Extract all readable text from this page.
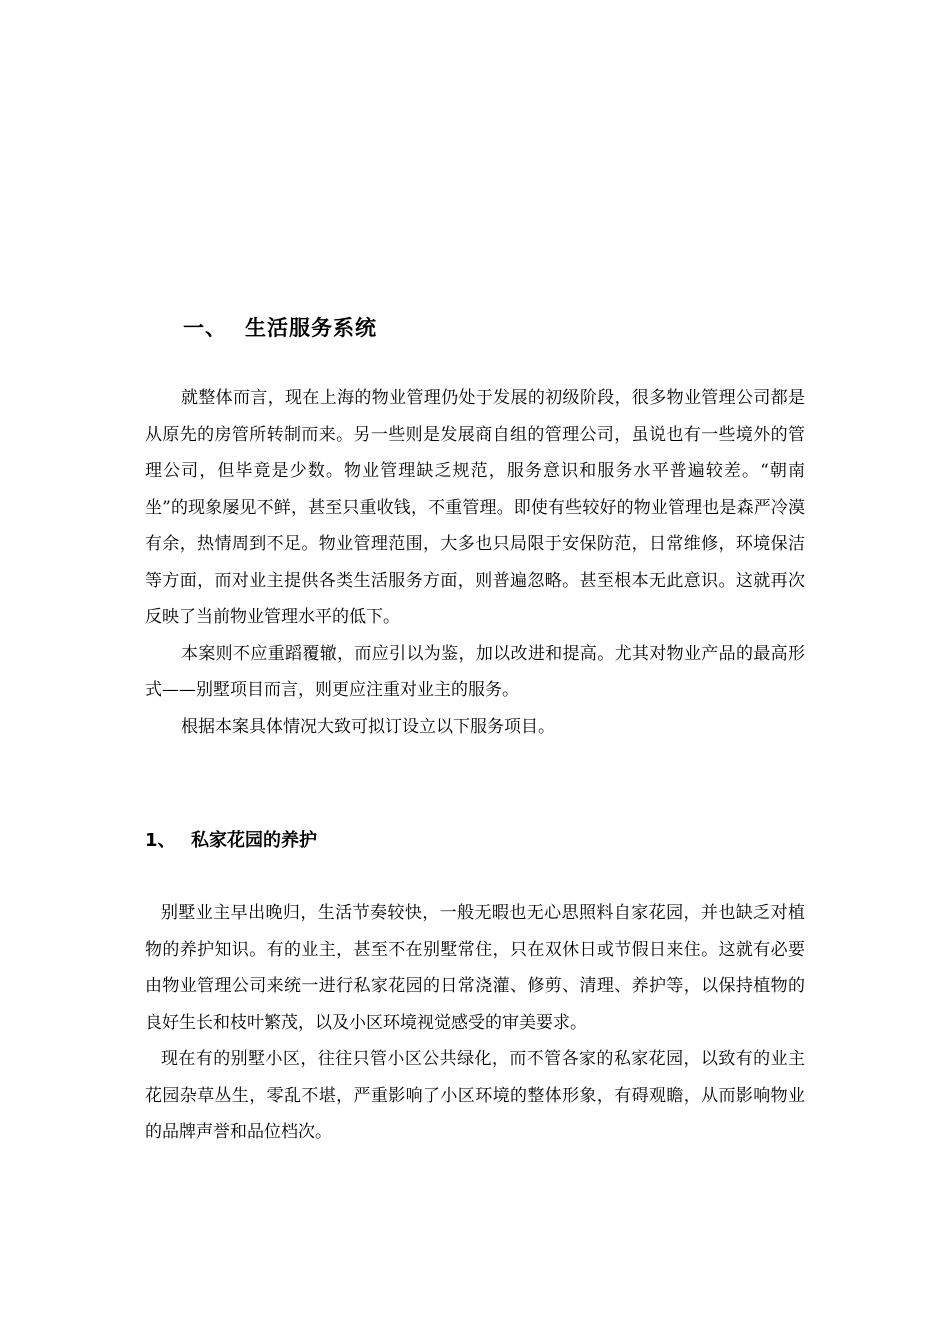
一、 生活服务系统

就整体而言，现在上海的物业管理仍处于发展的初级阶段，很多物业管理公司都是从原先的房管所转制而来。另一些则是发展商自组的管理公司，虽说也有一些境外的管理公司，但毕竟是少数。物业管理缺乏规范，服务意识和服务水平普遍较差。“朝南坐”的现象屡见不鲜，甚至只重收钱，不重管理。即使有些较好的物业管理也是森严冷漠有余，热情周到不足。物业管理范围，大多也只局限于安保防范，日常维修，环境保洁等方面，而对业主提供各类生活服务方面，则普遍忽略。甚至根本无此意识。这就再次反映了当前物业管理水平的低下。

本案则不应重蹈覆辙，而应引以为鉴，加以改进和提高。尤其对物业产品的最高形式——别墅项目而言，则更应注重对业主的服务。

根据本案具体情况大致可拟订设立以下服务项目。

1、 私家花园的养护

别墅业主早出晚归，生活节奏较快，一般无暇也无心思照料自家花园，并也缺乏对植物的养护知识。有的业主，甚至不在别墅常住，只在双休日或节假日来住。这就有必要由物业管理公司来统一进行私家花园的日常浇灌、修剪、清理、养护等，以保持植物的良好生长和枝叶繁茂，以及小区环境视觉感受的审美要求。

现在有的别墅小区，往往只管小区公共绿化，而不管各家的私家花园，以致有的业主花园杂草丛生，零乱不堪，严重影响了小区环境的整体形象，有碍观瞻，从而影响物业的品牌声誉和品位档次。
